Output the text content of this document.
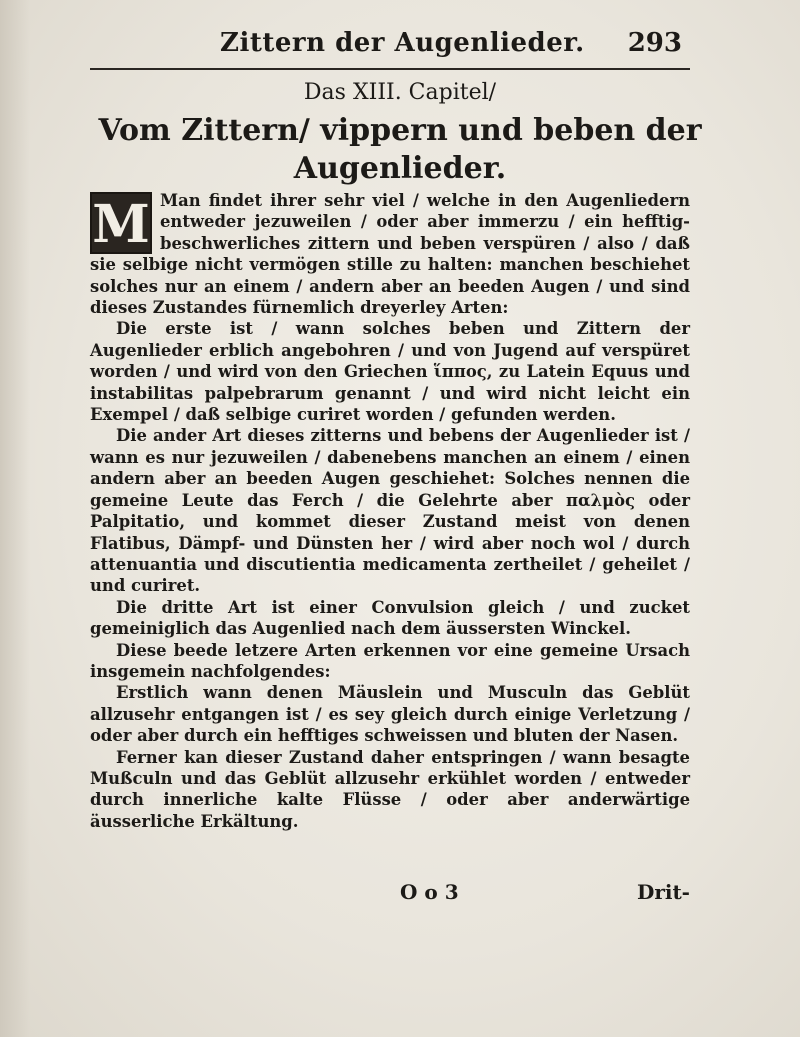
Zittern der Augenlieder. 293
Das XIII. Capitel/
Vom Zittern/ vippern und beben der
Augenlieder.

M Man findet ihrer sehr viel / welche in den Augenliedern entweder jezuweilen / oder aber immerzu / ein hefftig-beschwerliches zittern und beben verspüren / also / daß sie selbige nicht vermögen stille zu halten: manchen beschiehet solches nur an einem / andern aber an beeden Augen / und sind dieses Zustandes fürnemlich dreyerley Arten:

Die erste ist / wann solches beben und Zittern der Augenlieder erblich angebohren / und von Jugend auf verspüret worden / und wird von den Griechen ἵππος, zu Latein Equus und instabilitas palpebrarum genannt / und wird nicht leicht ein Exempel / daß selbige curiret worden / gefunden werden.

Die ander Art dieses zitterns und bebens der Augenlieder ist / wann es nur jezuweilen / dabenebens manchen an einem / einen andern aber an beeden Augen geschiehet: Solches nennen die gemeine Leute das Ferch / die Gelehrte aber παλμὸς oder Palpitatio, und kommet dieser Zustand meist von denen Flatibus, Dämpf- und Dünsten her / wird aber noch wol / durch attenuantia und discutientia medicamenta zertheilet / geheilet / und curiret.

Die dritte Art ist einer Convulsion gleich / und zucket gemeiniglich das Augenlied nach dem äussersten Winckel.

Diese beede letzere Arten erkennen vor eine gemeine Ursach insgemein nachfolgendes:

Erstlich wann denen Mäuslein und Musculn das Geblüt allzusehr entgangen ist / es sey gleich durch einige Verletzung / oder aber durch ein hefftiges schweissen und bluten der Nasen.

Ferner kan dieser Zustand daher entspringen / wann besagte Mußculn und das Geblüt allzusehr erkühlet worden / entweder durch innerliche kalte Flüsse / oder aber anderwärtige äusserliche Erkältung.

O o 3	Drit-
